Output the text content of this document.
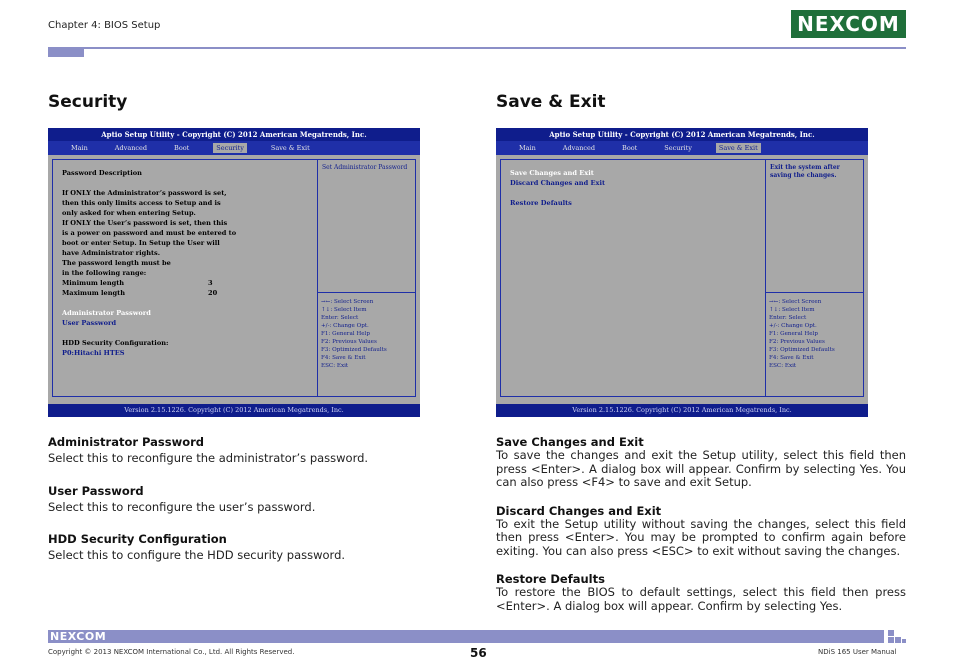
Chapter 4: BIOS Setup	NEXCOM
Security
Aptio Setup Utility - Copyright (C) 2012 American Megatrends, Inc.
Main	Advanced	Boot	Security	Save & Exit
Password Description

If ONLY the Administrator’s password is set,
then this only limits access to Setup and is
only asked for when entering Setup.
If ONLY the User’s password is set, then this
is a power on password and must be entered to
boot or enter Setup. In Setup the User will
have Administrator rights.
The password length must be
in the following range:
Minimum length	3
Maximum length	20

Administrator Password
User Password

HDD Security Configuration:
P0:Hitachi HTES
Set Administrator Password
→←: Select Screen
↑↓: Select Item
Enter: Select
+/-: Change Opt.
F1: General Help
F2: Previous Values
F3: Optimized Defaults
F4: Save & Exit
ESC: Exit
Version 2.15.1226. Copyright (C) 2012 American Megatrends, Inc.
Administrator Password
Select this to reconfigure the administrator’s password.
User Password
Select this to reconfigure the user’s password.
HDD Security Configuration
Select this to configure the HDD security password.
Save & Exit
Aptio Setup Utility - Copyright (C) 2012 American Megatrends, Inc.
Main	Advanced	Boot	Security	Save & Exit
Save Changes and Exit
Discard Changes and Exit

Restore Defaults
Exit the system after saving the changes.
→←: Select Screen
↑↓: Select Item
Enter: Select
+/-: Change Opt.
F1: General Help
F2: Previous Values
F3: Optimized Defaults
F4: Save & Exit
ESC: Exit
Version 2.15.1226. Copyright (C) 2012 American Megatrends, Inc.
Save Changes and Exit
To save the changes and exit the Setup utility, select this field then press <Enter>. A dialog box will appear. Confirm by selecting Yes. You can also press <F4> to save and exit Setup.
Discard Changes and Exit
To exit the Setup utility without saving the changes, select this field then press <Enter>. You may be prompted to confirm again before exiting. You can also press <ESC> to exit without saving the changes.
Restore Defaults
To restore the BIOS to default settings, select this field then press <Enter>. A dialog box will appear. Confirm by selecting Yes.
NEXCOM
Copyright © 2013 NEXCOM International Co., Ltd. All Rights Reserved.	56	NDiS 165 User Manual
